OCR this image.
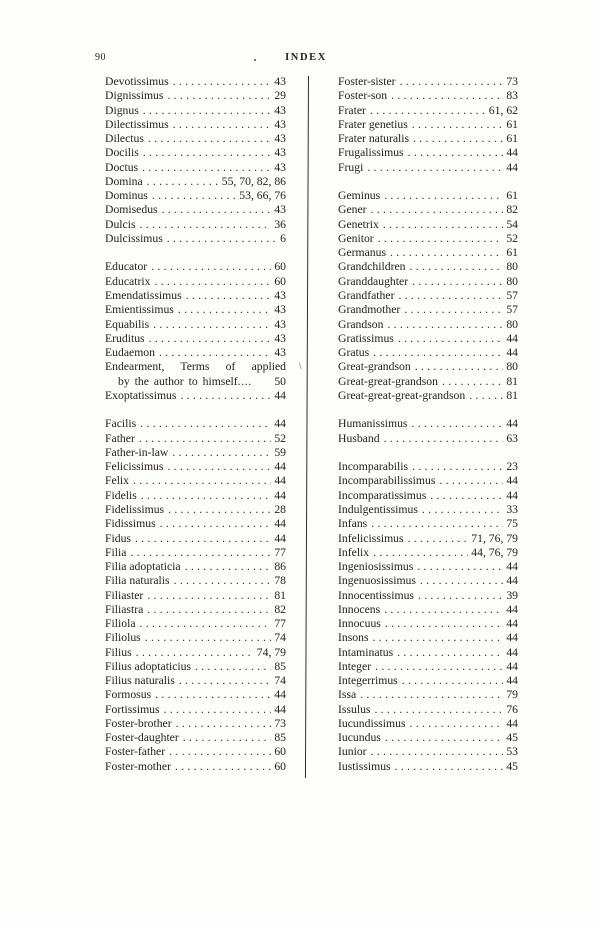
90	INDEX
\
Devotissimus .....	43
Dignissimus .....	29
Dignus .....	43
Dilectissimus .....	43
Dilectus .....	43
Docilis .....	43
Doctus .....	43
Domina .....	55, 70, 82, 86
Dominus .....	53, 66, 76
Domisedus .....	43
Dulcis .....	36
Dulcissimus .....	6
Educator .....	60
Educatrix .....	60
Emendatissimus .....	43
Emientissimus .....	43
Equabilis .....	43
Eruditus .....	43
Eudaemon .....	43
Endearment, Terms of applied
by the author to himself .... 50
Exoptatissimus .....	44
Facilis .....	44
Father .....	52
Father-in-law .....	59
Felicissimus .....	44
Felix .....	44
Fidelis .....	44
Fidelissimus .....	28
Fidissimus .....	44
Fidus .....	44
Filia .....	77
Filia adoptaticia .....	86
Filia naturalis .....	78
Filiaster .....	81
Filiastra .....	82
Filiola .....	77
Filiolus .....	74
Filius .....	74, 79
Filius adoptaticius .....	85
Filius naturalis .....	74
Formosus .....	44
Fortissimus .....	44
Foster-brother .....	73
Foster-daughter .....	85
Foster-father .....	60
Foster-mother .....	60
Foster-sister .....	73
Foster-son .....	83
Frater .....	61, 62
Frater genetius .....	61
Frater naturalis .....	61
Frugalissimus .....	44
Frugi .....	44
Geminus .....	61
Gener .....	82
Genetrix .....	54
Genitor .....	52
Germanus .....	61
Grandchildren .....	80
Granddaughter .....	80
Grandfather .....	57
Grandmother .....	57
Grandson .....	80
Gratissimus .....	44
Gratus .....	44
Great-grandson .....	80
Great-great-grandson .....	81
Great-great-great-grandson .....	81
Humanissimus .....	44
Husband .....	63
Incomparabilis .....	23
Incomparabilissimus .....	44
Incomparatissimus .....	44
Indulgentissimus .....	33
Infans .....	75
Infelicissimus .....	71, 76, 79
Infelix .....	44, 76, 79
Ingeniosissimus .....	44
Ingenuosissimus .....	44
Innocentissimus .....	39
Innocens .....	44
Innocuus .....	44
Insons .....	44
Intaminatus .....	44
Integer .....	44
Integerrimus .....	44
Issa .....	79
Issulus .....	76
Iucundissimus .....	44
Iucundus .....	45
Iunior .....	53
Iustissimus .....	45
